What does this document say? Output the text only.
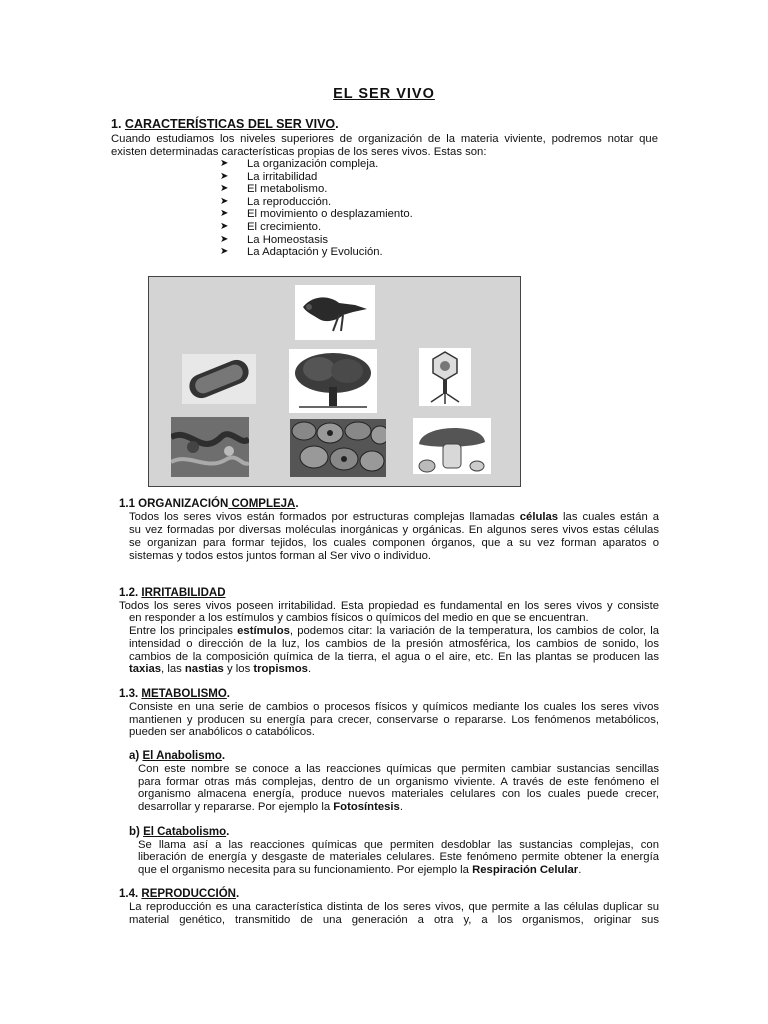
EL SER VIVO
1. CARACTERÍSTICAS DEL SER VIVO.
Cuando estudiamos los niveles superiores de organización de la materia viviente, podremos notar que
existen determinadas características propias de los seres vivos. Estas son:
➤ La organización compleja.
➤ La irritabilidad
➤ El metabolismo.
➤ La reproducción.
➤ El movimiento o desplazamiento.
➤ El crecimiento.
➤ La Homeostasis
➤ La Adaptación y Evolución.
1.1 ORGANIZACIÓN COMPLEJA.
Todos los seres vivos están formados por estructuras complejas llamadas células las cuales están a
su vez formadas por diversas moléculas inorgánicas y orgánicas. En algunos seres vivos estas células
se organizan para formar tejidos, los cuales componen órganos, que a su vez forman aparatos o
sistemas y todos estos juntos forman al Ser vivo o individuo.
1.2. IRRITABILIDAD
Todos los seres vivos poseen irritabilidad. Esta propiedad es fundamental en los seres vivos y consiste
en responder a los estímulos y cambios físicos o químicos del medio en que se encuentran.
Entre los principales estímulos, podemos citar: la variación de la temperatura, los cambios de color, la
intensidad o dirección de la luz, los cambios de la presión atmosférica, los cambios de sonido, los
cambios de la composición química de la tierra, el agua o el aire, etc. En las plantas se producen las
taxias, las nastias y los tropismos.
1.3. METABOLISMO.
Consiste en una serie de cambios o procesos físicos y químicos mediante los cuales los seres vivos
mantienen y producen su energía para crecer, conservarse o repararse. Los fenómenos metabólicos,
pueden ser anabólicos o catabólicos.
a) El Anabolismo.
Con este nombre se conoce a las reacciones químicas que permiten cambiar sustancias sencillas
para formar otras más complejas, dentro de un organismo viviente. A través de este fenómeno el
organismo almacena energía, produce nuevos materiales celulares con los cuales puede crecer,
desarrollar y repararse. Por ejemplo la Fotosíntesis.
b) El Catabolismo.
Se llama así a las reacciones químicas que permiten desdoblar las sustancias complejas, con
liberación de energía y desgaste de materiales celulares. Este fenómeno permite obtener la energía
que el organismo necesita para su funcionamiento. Por ejemplo la Respiración Celular.
1.4. REPRODUCCIÓN.
La reproducción es una característica distinta de los seres vivos, que permite a las células duplicar su
material genético, transmitido de una generación a otra y, a los organismos, originar sus
